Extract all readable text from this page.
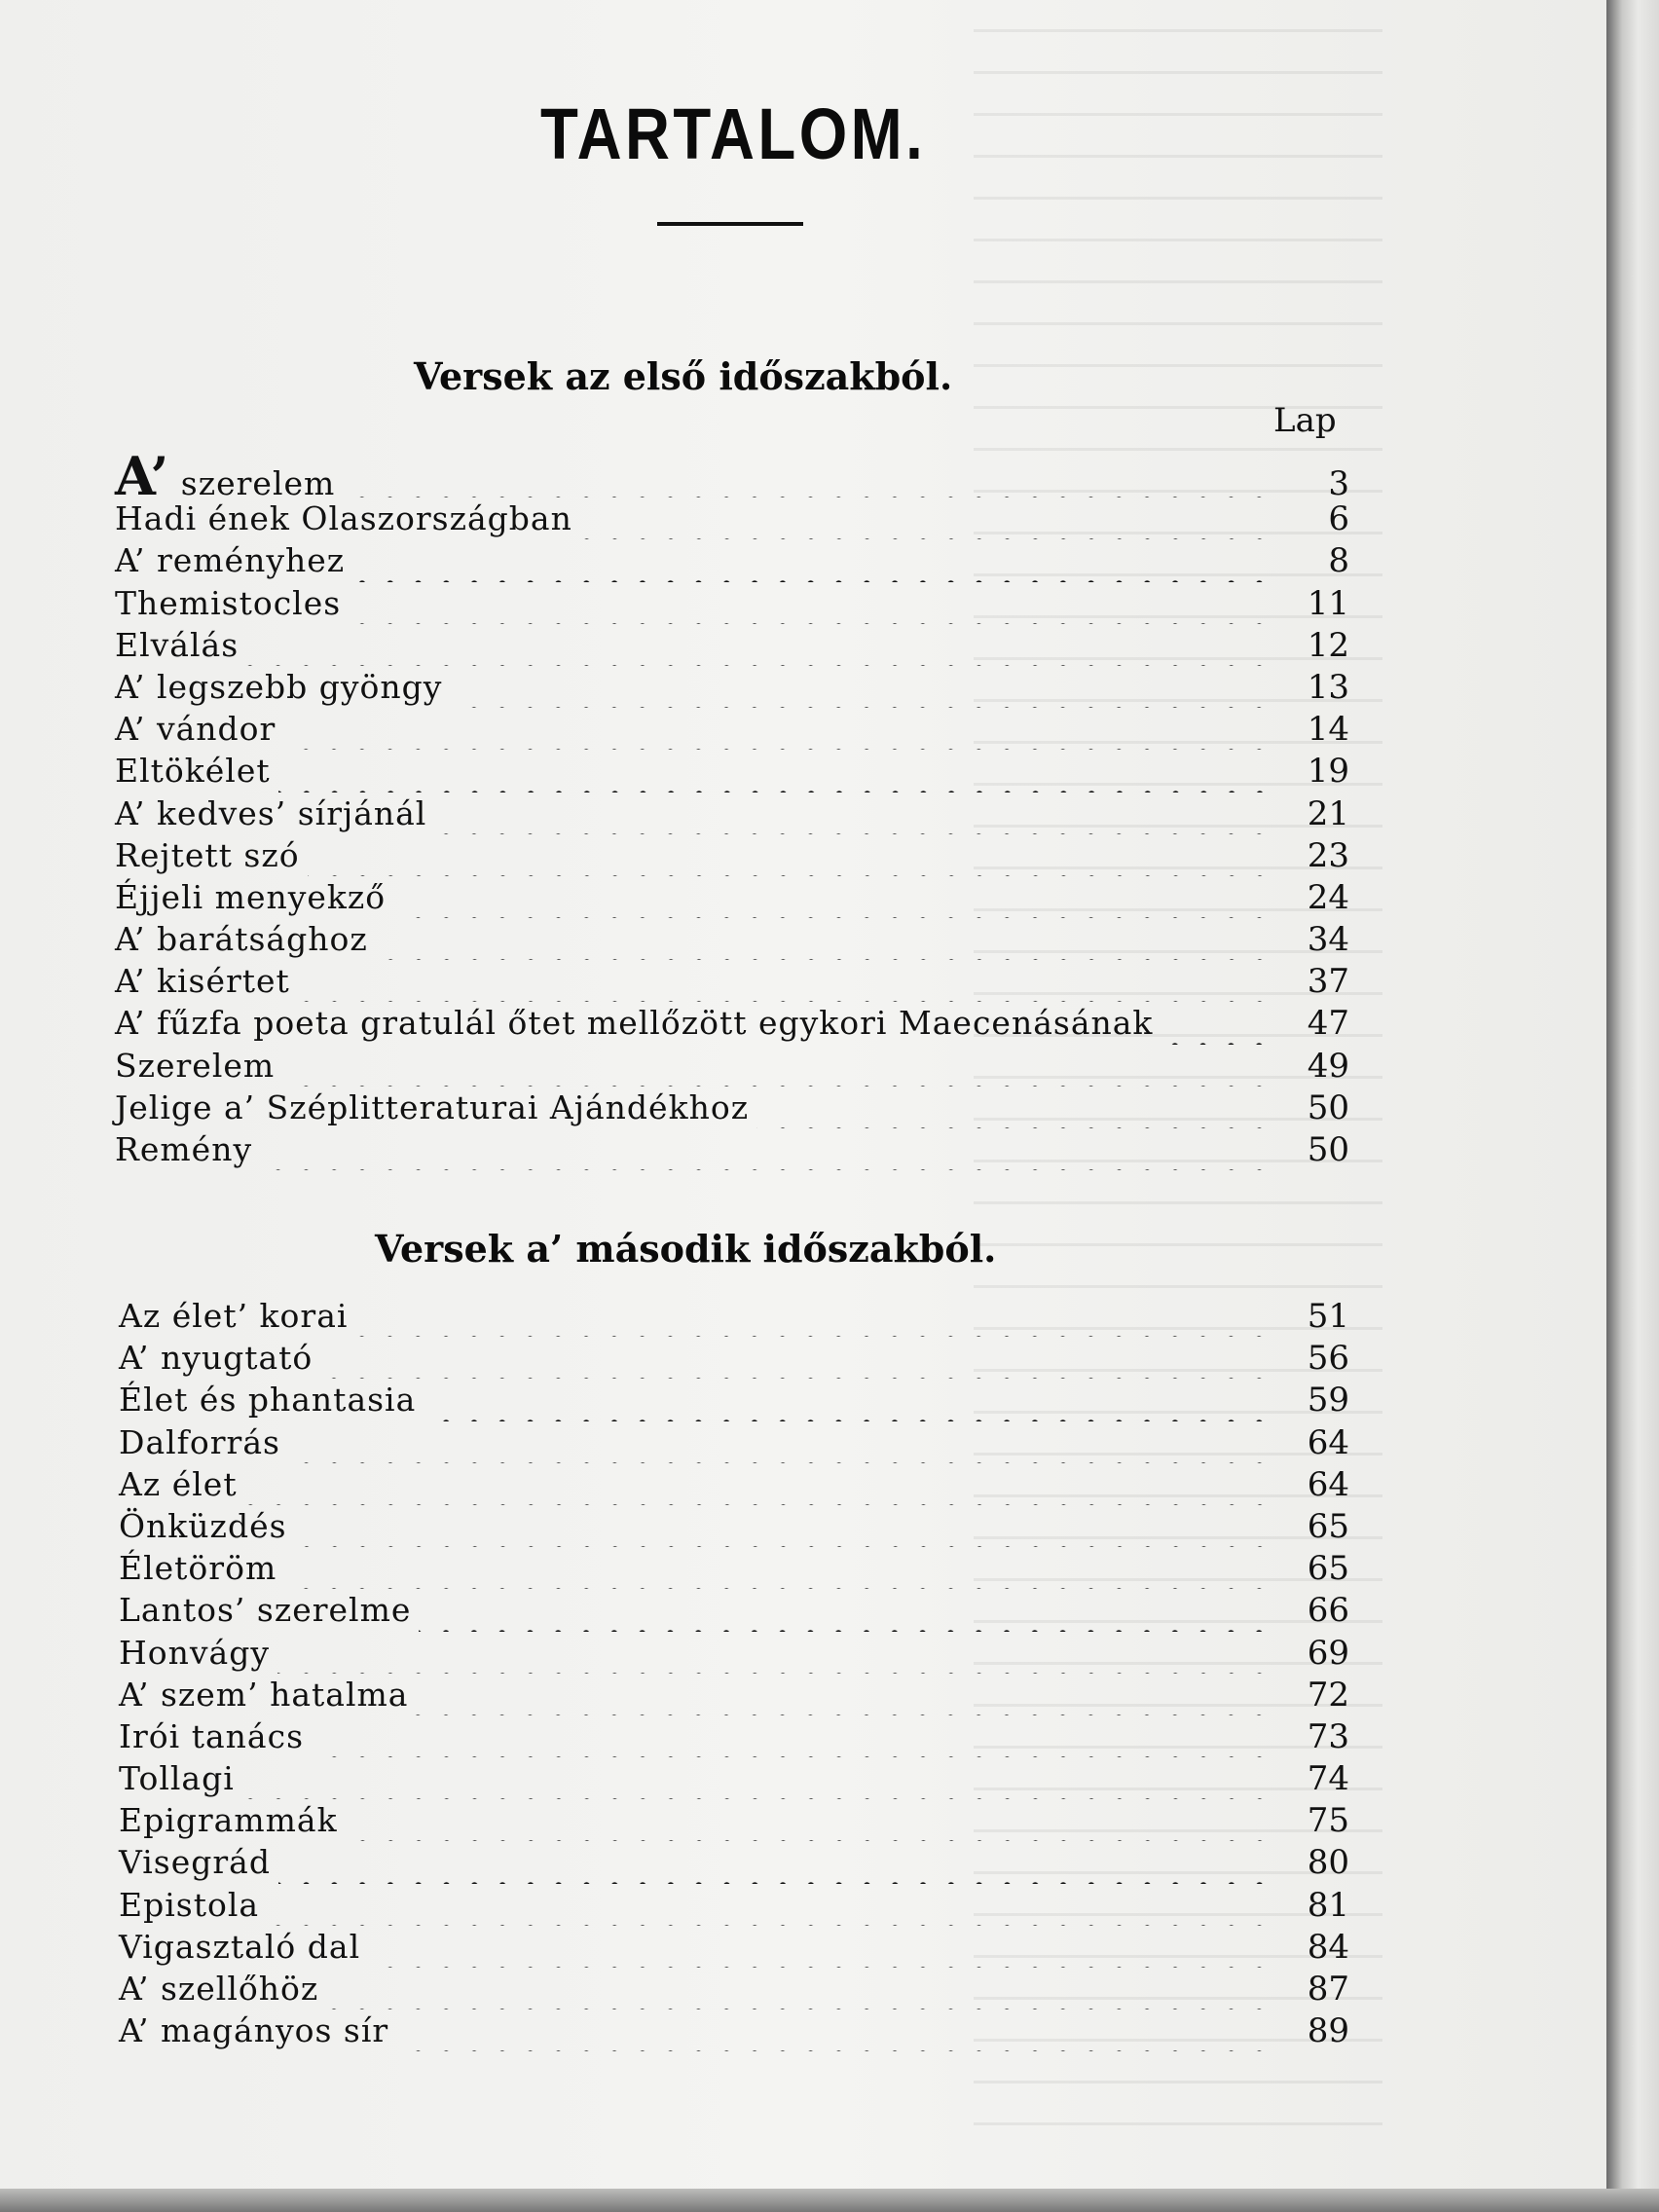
TARTALOM.
Versek az első időszakból.
Lap
A’ szerelem	3
Hadi ének Olaszországban	6
A’ reményhez	8
Themistocles	11
Elválás	12
A’ legszebb gyöngy	13
A’ vándor	14
Eltökélet	19
A’ kedves’ sírjánál	21
Rejtett szó	23
Éjjeli menyekző	24
A’ barátsághoz	34
A’ kisértet	37
A’ fűzfa poeta gratulál őtet mellőzött egykori Maecenásának	47
Szerelem	49
Jelige a’ Széplitteraturai Ajándékhoz	50
Remény	50
Versek a’ második időszakból.
Az élet’ korai	51
A’ nyugtató	56
Élet és phantasia	59
Dalforrás	64
Az élet	64
Önküzdés	65
Életöröm	65
Lantos’ szerelme	66
Honvágy	69
A’ szem’ hatalma	72
Irói tanács	73
Tollagi	74
Epigrammák	75
Visegrád	80
Epistola	81
Vigasztaló dal	84
A’ szellőhöz	87
A’ magányos sír	89
